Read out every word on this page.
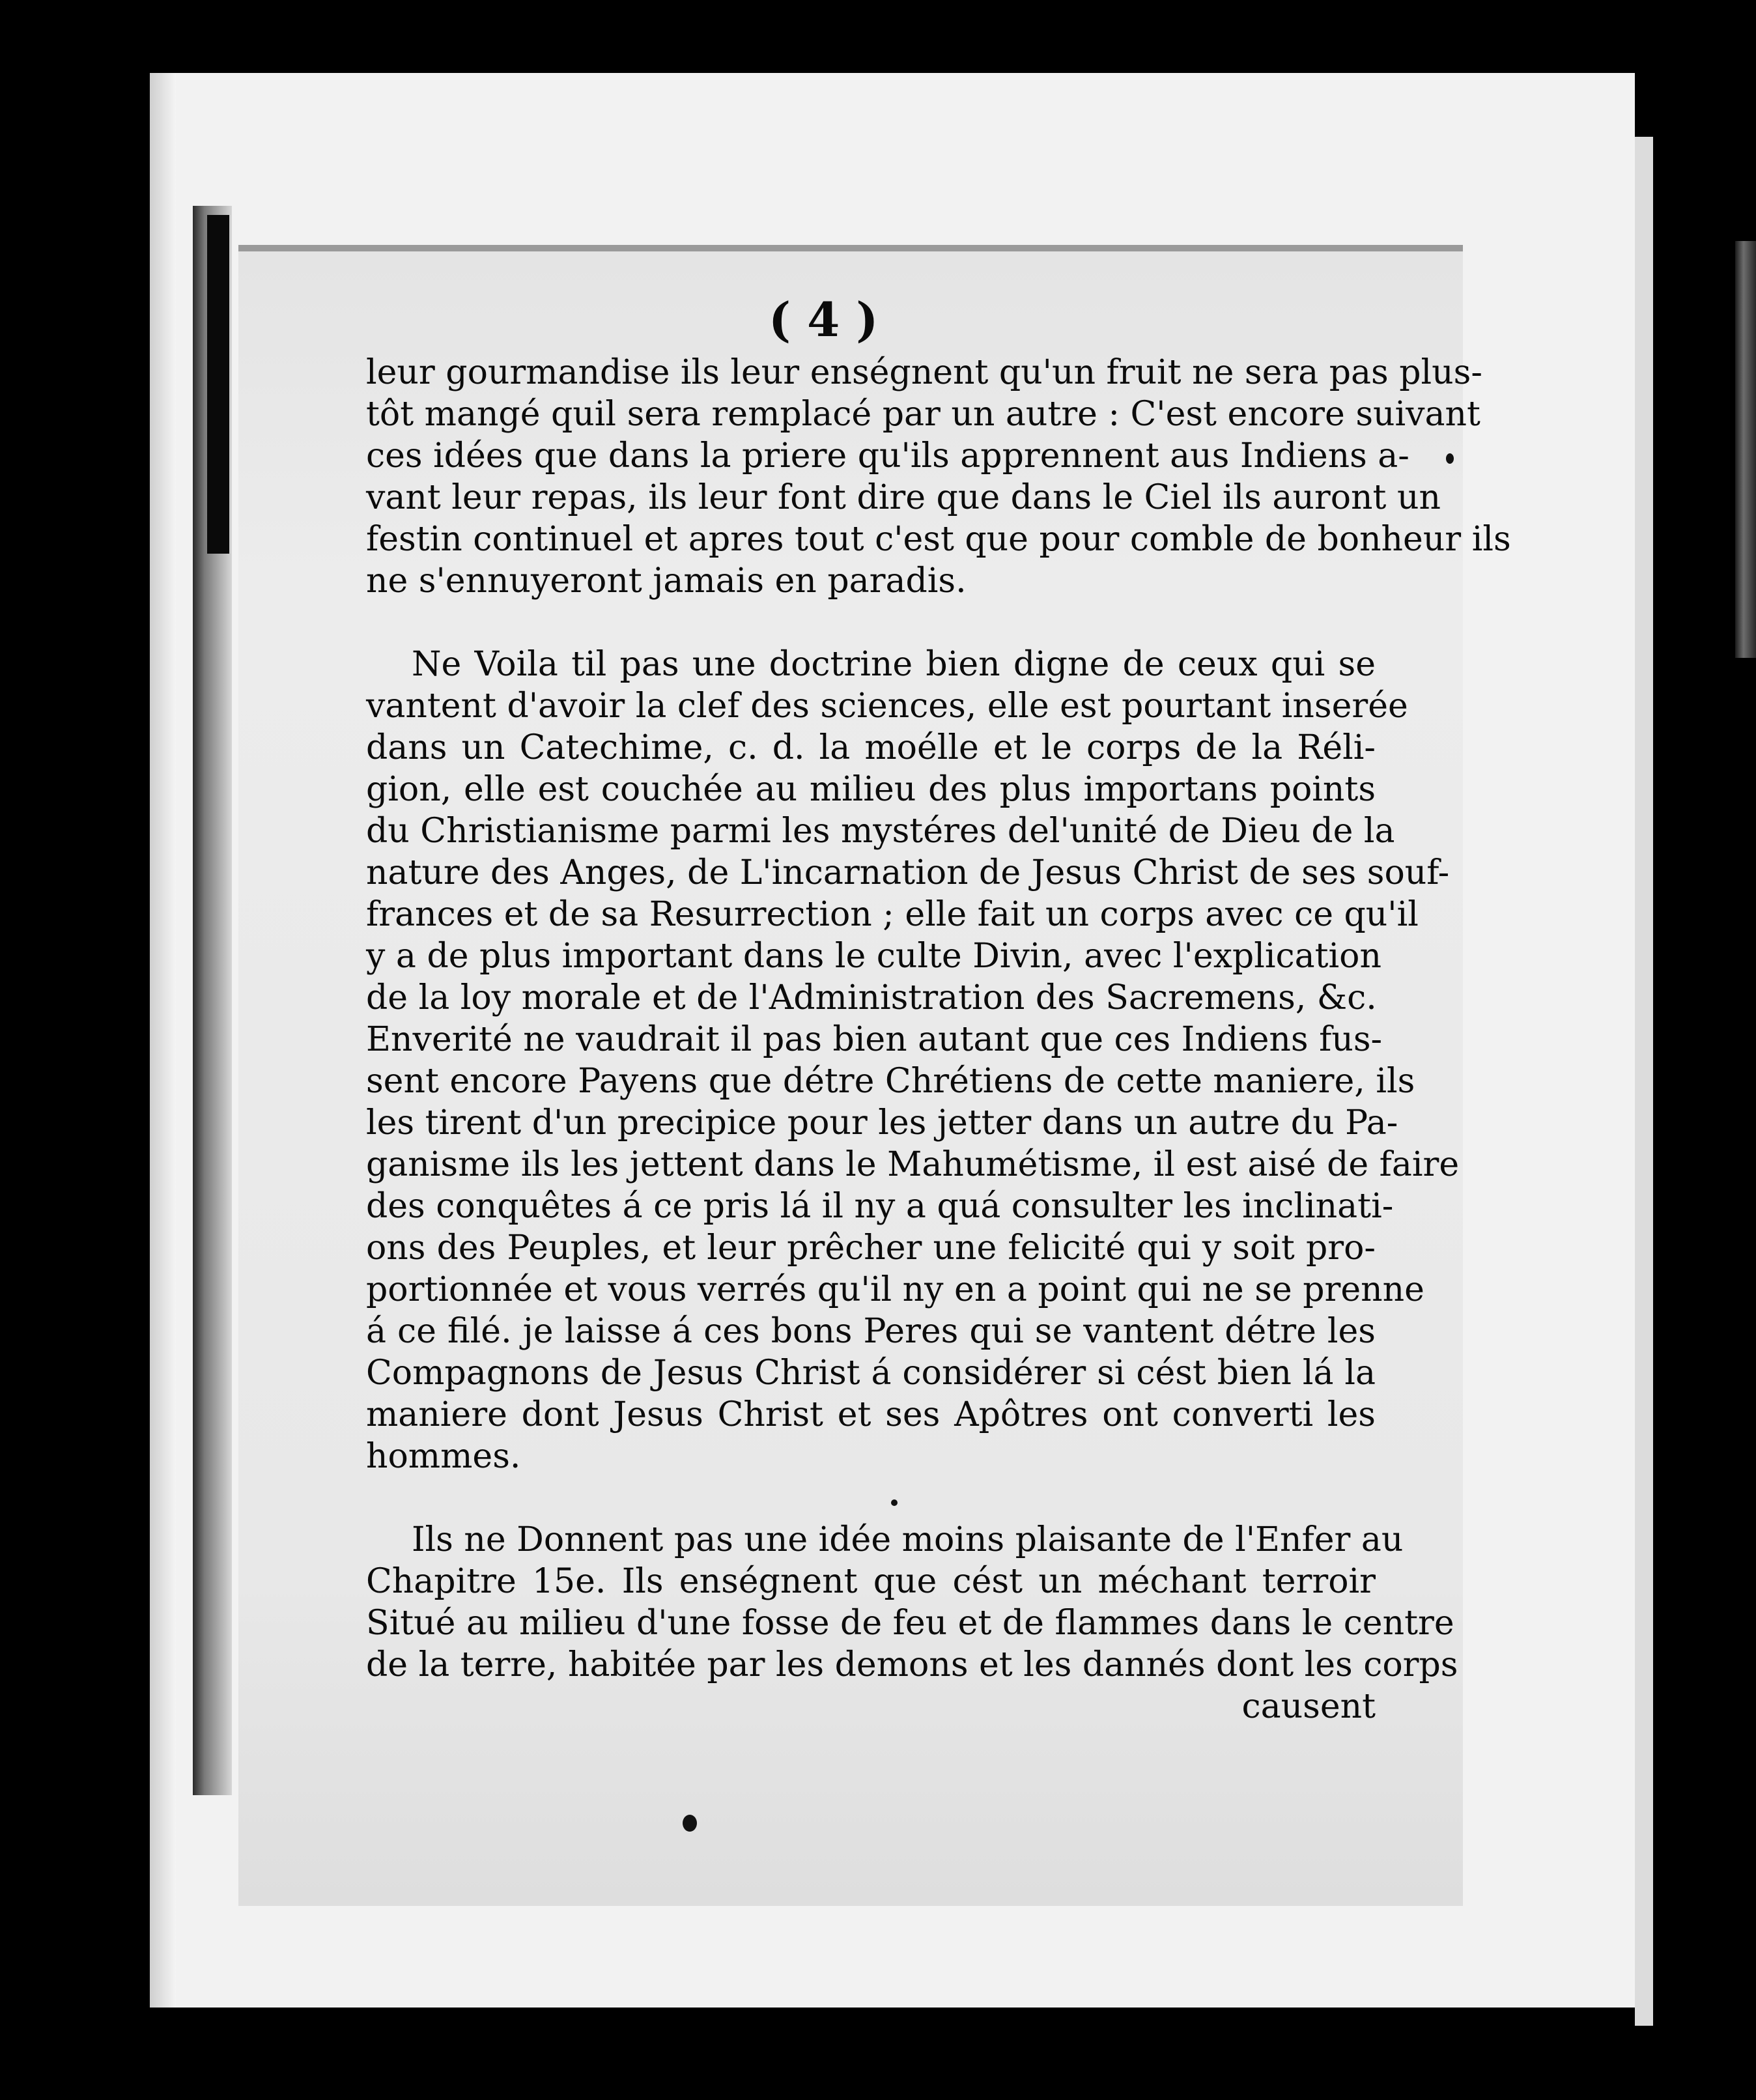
( 4 )

leur gourmandise ils leur enségnent qu'un fruit ne sera pas plus-
tôt mangé quil sera remplacé par un autre : C'est encore suivant
ces idées que dans la priere qu'ils apprennent aus Indiens a-
vant leur repas, ils leur font dire que dans le Ciel ils auront un
festin continuel et apres tout c'est que pour comble de bonheur ils
ne s'ennuyeront jamais en paradis.

Ne Voila til pas une doctrine bien digne de ceux qui se
vantent d'avoir la clef des sciences, elle est pourtant inserée
dans un Catechime, c. d. la moélle et le corps de la Réli-
gion, elle est couchée au milieu des plus importans points
du Christianisme parmi les mystéres del'unité de Dieu de la
nature des Anges, de L'incarnation de Jesus Christ de ses souf-
frances et de sa Resurrection ; elle fait un corps avec ce qu'il
y a de plus important dans le culte Divin, avec l'explication
de la loy morale et de l'Administration des Sacremens, &c.
Enverité ne vaudrait il pas bien autant que ces Indiens fus-
sent encore Payens que détre Chrétiens de cette maniere, ils
les tirent d'un precipice pour les jetter dans un autre du Pa-
ganisme ils les jettent dans le Mahumétisme, il est aisé de faire
des conquêtes á ce pris lá il ny a quá consulter les inclinati-
ons des Peuples, et leur prêcher une felicité qui y soit pro-
portionnée et vous verrés qu'il ny en a point qui ne se prenne
á ce filé. je laisse á ces bons Peres qui se vantent détre les
Compagnons de Jesus Christ á considérer si cést bien lá la
maniere dont Jesus Christ et ses Apôtres ont converti les
hommes.

Ils ne Donnent pas une idée moins plaisante de l'Enfer au
Chapitre 15e. Ils enségnent que cést un méchant terroir
Situé au milieu d'une fosse de feu et de flammes dans le centre
de la terre, habitée par les demons et les dannés dont les corps
causent
